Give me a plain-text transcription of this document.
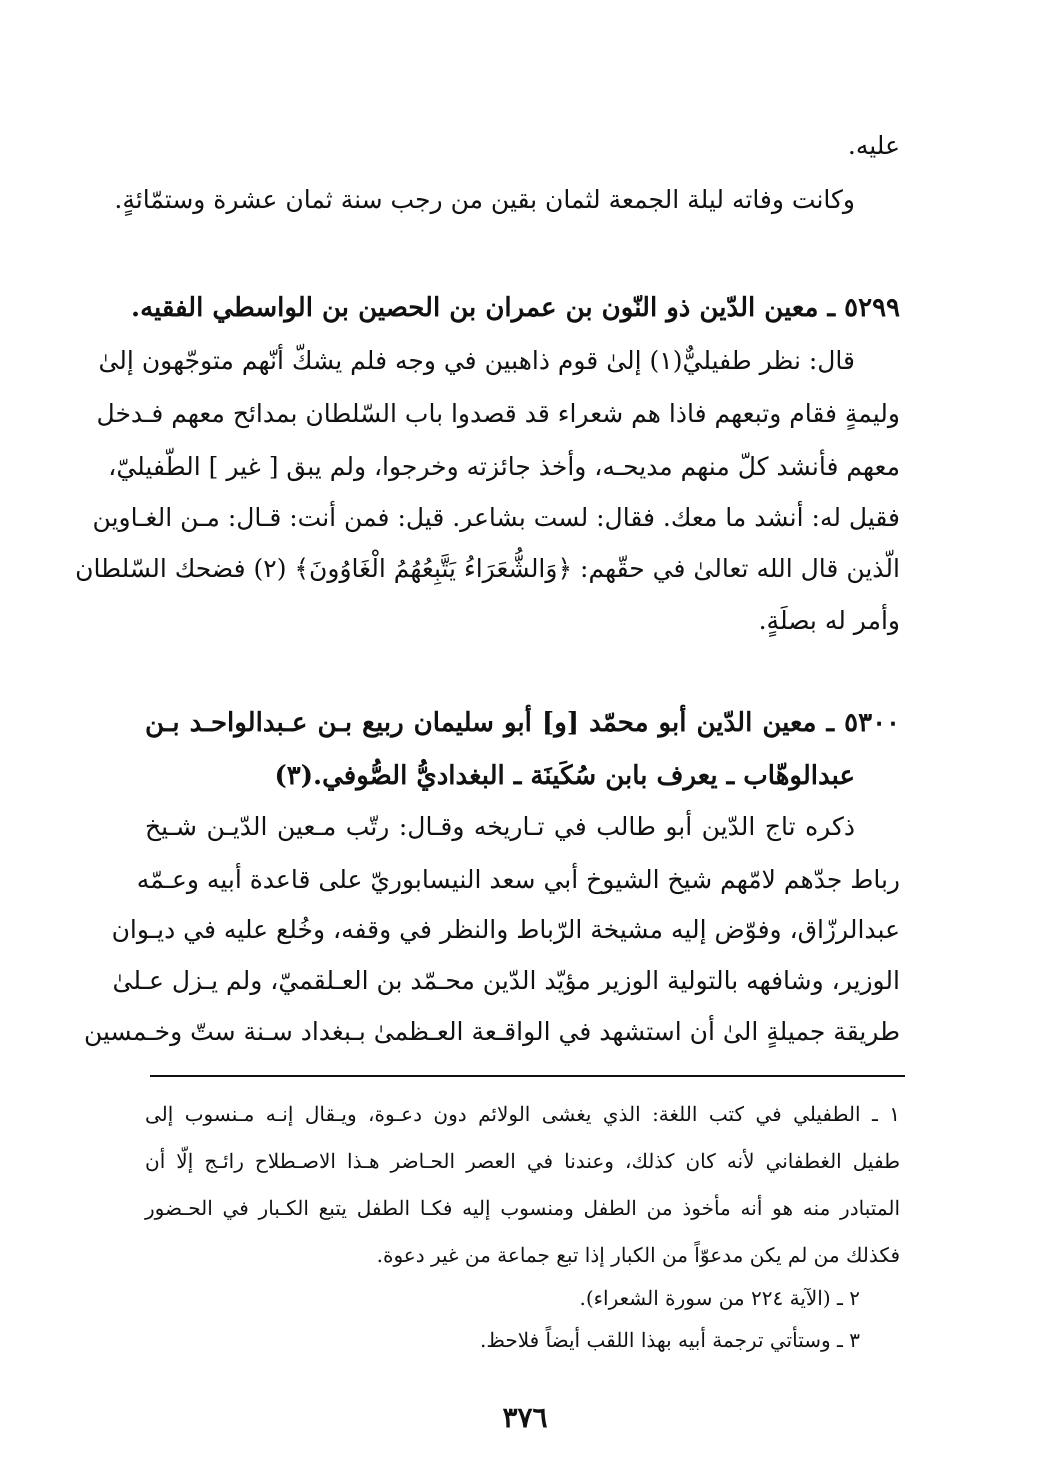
عليه.
وكانت وفاته ليلة الجمعة لثمان بقين من رجب سنة ثمان عشرة وستمّائةٍ.
٥٢٩٩ ـ معين الدّين ذو النّون بن عمران بن الحصين بن الواسطي الفقيه.
قال: نظر طفيليٌّ(١) إلىٰ قوم ذاهبين في وجه فلم يشكّ أنّهم متوجّهون إلىٰ
وليمةٍ فقام وتبعهم فاذا هم شعراء قد قصدوا باب السّلطان بمدائح معهم فـدخل
معهم فأنشد كلّ منهم مديحـه، وأخذ جائزته وخرجوا، ولم يبق [ غير ] الطّفيليّ،
فقيل له: أنشد ما معك. فقال: لست بشاعر. قيل: فمن أنت: قـال: مـن الغـاوين
الّذين قال الله تعالىٰ في حقّهم: ﴿وَالشُّعَرَاءُ يَتَّبِعُهُمُ الْغَاوُونَ﴾ (٢) فضحك السّلطان
وأمر له بصلَةٍ.
٥٣٠٠ ـ معين الدّين أبو محمّد [و] أبو سليمان ربيع بـن عـبدالواحـد بـن
عبدالوهّاب ـ يعرف بابن سُكَينَة ـ البغداديُّ الصُّوفي.(٣)
ذكره تاج الدّين أبو طالب في تـاريخه وقـال: رتّب مـعين الدّيـن شـيخ
رباط جدّهم لامّهم شيخ الشيوخ أبي سعد النيسابوريّ على قاعدة أبيه وعـمّه
عبدالرزّاق، وفوّض إليه مشيخة الرّباط والنظر في وقفه، وخُلع عليه في ديـوان
الوزير، وشافهه بالتولية الوزير مؤيّد الدّين محـمّد بن العـلقميّ، ولم يـزل عـلىٰ
طريقة جميلةٍ الىٰ أن استشهد في الواقـعة العـظمىٰ بـبغداد سـنة ستّ وخـمسين
١ ـ الطفيلي في كتب اللغة: الذي يغشى الولائم دون دعـوة، ويـقال إنـه مـنسوب إلى
طفيل الغطفاني لأنه كان كذلك، وعندنا في العصر الحـاضر هـذا الاصـطلاح رائـج إلّا أن
المتبادر منه هو أنه مأخوذ من الطفل ومنسوب إليه فكـا الطفل يتبع الكـبار في الحـضور
فكذلك من لم يكن مدعوّاً من الكبار إذا تبع جماعة من غير دعوة.
٢ ـ (الآية ٢٢٤ من سورة الشعراء).
٣ ـ وستأتي ترجمة أبيه بهذا اللقب أيضاً فلاحظ.
٣٧٦
